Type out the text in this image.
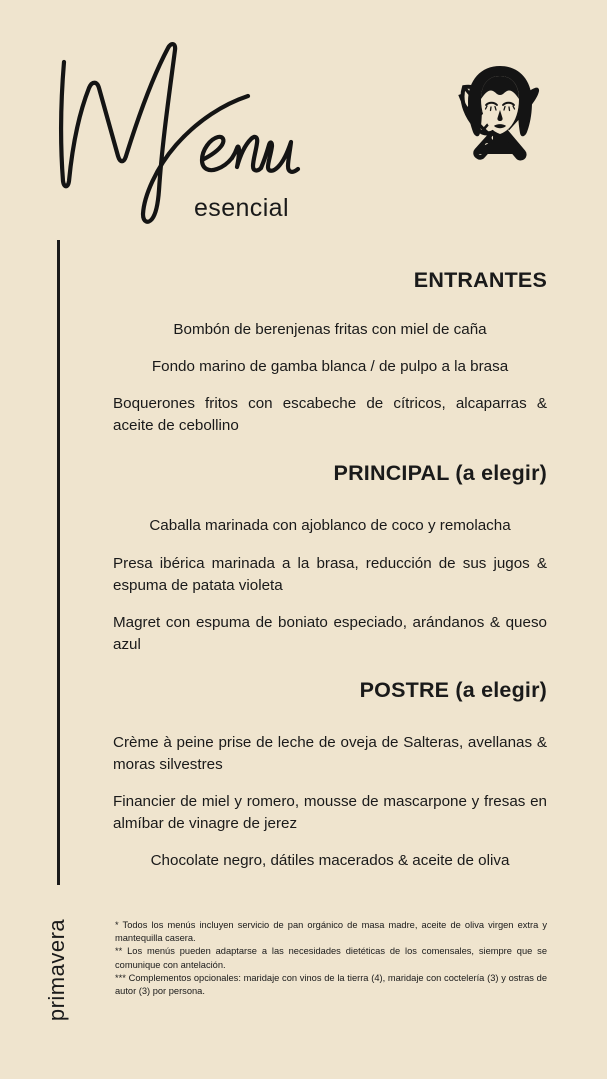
esencial
primavera
ENTRANTES

Bombón de berenjenas fritas con miel de caña

Fondo marino de gamba blanca / de pulpo a la brasa

Boquerones fritos con escabeche de cítricos, alcaparras & aceite de cebollino

PRINCIPAL (a elegir)

Caballa marinada con ajoblanco de coco y remolacha

Presa ibérica marinada a la brasa, reducción de sus jugos & espuma de patata violeta

Magret con espuma de boniato especiado, arándanos & queso azul

POSTRE (a elegir)

Crème à peine prise de leche de oveja de Salteras, avellanas & moras silvestres

Financier de miel y romero, mousse de mascarpone y fresas en almíbar de vinagre de jerez

Chocolate negro, dátiles macerados & aceite de oliva

* Todos los menús incluyen servicio de pan orgánico de masa madre, aceite de oliva virgen extra y mantequilla casera.

** Los menús pueden adaptarse a las necesidades dietéticas de los comensales, siempre que se comunique con antelación.

*** Complementos opcionales: maridaje con vinos de la tierra (4), maridaje con coctelería (3) y ostras de autor (3) por persona.
